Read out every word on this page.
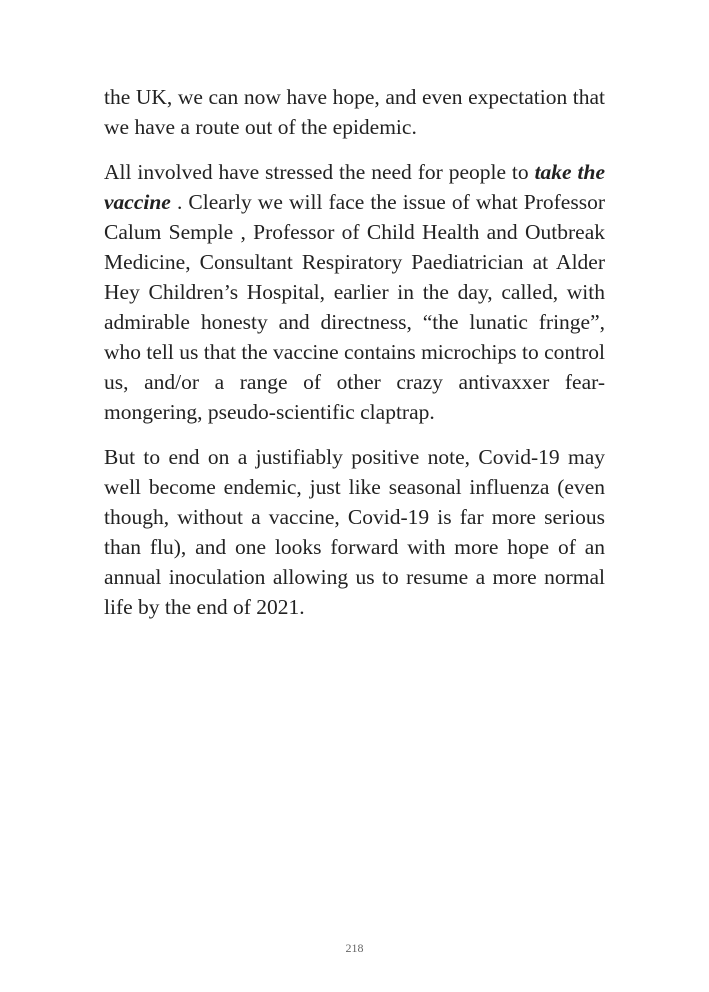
the UK, we can now have hope, and even expectation that we have a route out of the epidemic.

All involved have stressed the need for people to take the vaccine . Clearly we will face the issue of what Professor Calum Semple , Professor of Child Health and Outbreak Medicine, Consultant Respiratory Paediatrician at Alder Hey Children’s Hospital, earlier in the day, called, with admirable honesty and directness, “the lunatic fringe”, who tell us that the vaccine contains microchips to control us, and/or a range of other crazy antivaxxer fear-mongering, pseudo-scientific claptrap.

But to end on a justifiably positive note, Covid-19 may well become endemic, just like seasonal influenza (even though, without a vaccine, Covid-19 is far more serious than flu), and one looks forward with more hope of an annual inoculation allowing us to resume a more normal life by the end of 2021.

218
